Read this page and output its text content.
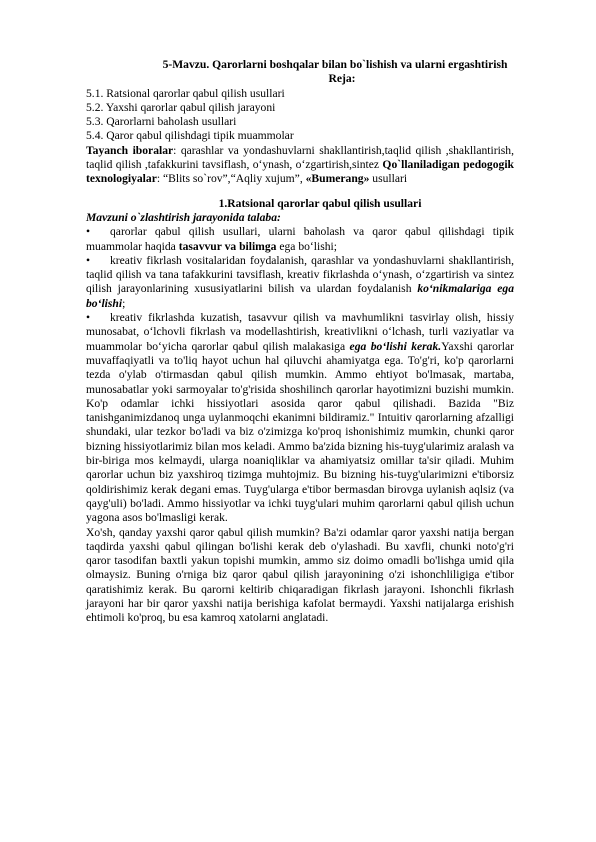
5-Mavzu. Qarorlarni boshqalar bilan bo`lishish va ularni ergashtirish

Reja:

5.1. Ratsional qarorlar qabul qilish usullari

5.2. Yaxshi qarorlar qabul qilish jarayoni

5.3. Qarorlarni baholash usullari

5.4. Qaror qabul qilishdagi tipik muammolar

Tayanch iboralar: qarashlar va yondashuvlarni shakllantirish,taqlid qilish ,shakllantirish, taqlid qilish ,tafakkurini tavsiflash, o‘ynash, o‘zgartirish,sintez Qo`llaniladigan pedogogik texnologiyalar: “Blits so`rov”,“Aqliy xujum”, «Bumerang» usullari

1.Ratsional qarorlar qabul qilish usullari

Mavzuni o`zlashtirish jarayonida talaba:

• qarorlar qabul qilish usullari, ularni baholash va qaror qabul qilishdagi tipik muammolar haqida tasavvur va bilimga ega bo‘lishi;

• kreativ fikrlash vositalaridan foydalanish, qarashlar va yondashuvlarni shakllantirish, taqlid qilish va tana tafakkurini tavsiflash, kreativ fikrlashda o‘ynash, o‘zgartirish va sintez qilish jarayonlarining xususiyatlarini bilish va ulardan foydalanish ko‘nikmalariga ega bo‘lishi;

• kreativ fikrlashda kuzatish, tasavvur qilish va mavhumlikni tasvirlay olish, hissiy munosabat, o‘lchovli fikrlash va modellashtirish, kreativlikni o‘lchash, turli vaziyatlar va muammolar bo‘yicha qarorlar qabul qilish malakasiga ega bo‘lishi kerak.Yaxshi qarorlar muvaffaqiyatli va to'liq hayot uchun hal qiluvchi ahamiyatga ega. To'g'ri, ko'p qarorlarni tezda o'ylab o'tirmasdan qabul qilish mumkin. Ammo ehtiyot bo'lmasak, martaba, munosabatlar yoki sarmoyalar to'g'risida shoshilinch qarorlar hayotimizni buzishi mumkin. Ko'p odamlar ichki hissiyotlari asosida qaror qabul qilishadi. Bazida "Biz tanishganimizdanoq unga uylanmoqchi ekanimni bildiramiz." Intuitiv qarorlarning afzalligi shundaki, ular tezkor bo'ladi va biz o'zimizga ko'proq ishonishimiz mumkin, chunki qaror bizning hissiyotlarimiz bilan mos keladi. Ammo ba'zida bizning his-tuyg'ularimiz aralash va bir-biriga mos kelmaydi, ularga noaniqliklar va ahamiyatsiz omillar ta'sir qiladi. Muhim qarorlar uchun biz yaxshiroq tizimga muhtojmiz. Bu bizning his-tuyg'ularimizni e'tiborsiz qoldirishimiz kerak degani emas. Tuyg'ularga e'tibor bermasdan birovga uylanish aqlsiz (va qayg'uli) bo'ladi. Ammo hissiyotlar va ichki tuyg'ulari muhim qarorlarni qabul qilish uchun yagona asos bo'lmasligi kerak.

Xo'sh, qanday yaxshi qaror qabul qilish mumkin? Ba'zi odamlar qaror yaxshi natija bergan taqdirda yaxshi qabul qilingan bo'lishi kerak deb o'ylashadi. Bu xavfli, chunki noto'g'ri qaror tasodifan baxtli yakun topishi mumkin, ammo siz doimo omadli bo'lishga umid qila olmaysiz. Buning o'rniga biz qaror qabul qilish jarayonining o'zi ishonchliligiga e'tibor qaratishimiz kerak. Bu qarorni keltirib chiqaradigan fikrlash jarayoni. Ishonchli fikrlash jarayoni har bir qaror yaxshi natija berishiga kafolat bermaydi. Yaxshi natijalarga erishish ehtimoli ko'proq, bu esa kamroq xatolarni anglatadi.
